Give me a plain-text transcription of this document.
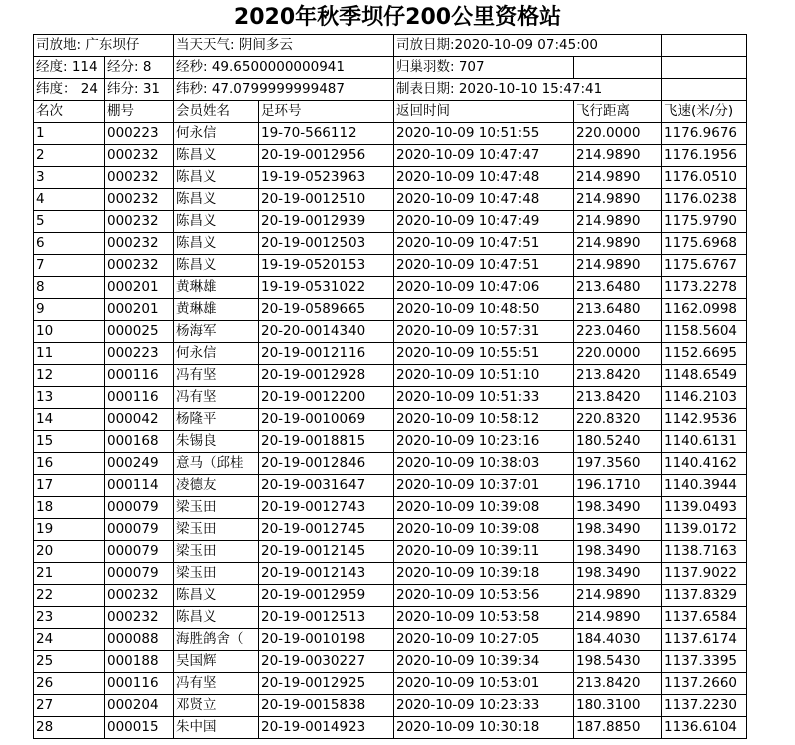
2020年秋季坝仔200公里资格站
司放地: 广东坝仔		当天天气: 阴间多云		司放日期:2020-10-09 07:45:00		
经度: 114	经分: 8	经秒: 49.6500000000941		归巢羽数: 707		
纬度： 24	纬分: 31	纬秒: 47.0799999999487		制表日期: 2020-10-10 15:47:41		
名次	棚号	会员姓名	足环号	返回时间	飞行距离	飞速(米/分)
1	000223	何永信	19-70-566112	2020-10-09 10:51:55	220.0000	1176.9676
2	000232	陈昌义	20-19-0012956	2020-10-09 10:47:47	214.9890	1176.1956
3	000232	陈昌义	19-19-0523963	2020-10-09 10:47:48	214.9890	1176.0510
4	000232	陈昌义	20-19-0012510	2020-10-09 10:47:48	214.9890	1176.0238
5	000232	陈昌义	20-19-0012939	2020-10-09 10:47:49	214.9890	1175.9790
6	000232	陈昌义	20-19-0012503	2020-10-09 10:47:51	214.9890	1175.6968
7	000232	陈昌义	19-19-0520153	2020-10-09 10:47:51	214.9890	1175.6767
8	000201	黄琳雄	19-19-0531022	2020-10-09 10:47:06	213.6480	1173.2278
9	000201	黄琳雄	20-19-0589665	2020-10-09 10:48:50	213.6480	1162.0998
10	000025	杨海军	20-20-0014340	2020-10-09 10:57:31	223.0460	1158.5604
11	000223	何永信	20-19-0012116	2020-10-09 10:55:51	220.0000	1152.6695
12	000116	冯有坚	20-19-0012928	2020-10-09 10:51:10	213.8420	1148.6549
13	000116	冯有坚	20-19-0012200	2020-10-09 10:51:33	213.8420	1146.2103
14	000042	杨隆平	20-19-0010069	2020-10-09 10:58:12	220.8320	1142.9536
15	000168	朱锡良	20-19-0018815	2020-10-09 10:23:16	180.5240	1140.6131
16	000249	意马（邱桂	20-19-0012846	2020-10-09 10:38:03	197.3560	1140.4162
17	000114	凌德友	20-19-0031647	2020-10-09 10:37:01	196.1710	1140.3944
18	000079	梁玉田	20-19-0012743	2020-10-09 10:39:08	198.3490	1139.0493
19	000079	梁玉田	20-19-0012745	2020-10-09 10:39:08	198.3490	1139.0172
20	000079	梁玉田	20-19-0012145	2020-10-09 10:39:11	198.3490	1138.7163
21	000079	梁玉田	20-19-0012143	2020-10-09 10:39:18	198.3490	1137.9022
22	000232	陈昌义	20-19-0012959	2020-10-09 10:53:56	214.9890	1137.8329
23	000232	陈昌义	20-19-0012513	2020-10-09 10:53:58	214.9890	1137.6584
24	000088	海胜鸽舍（	20-19-0010198	2020-10-09 10:27:05	184.4030	1137.6174
25	000188	吴国辉	20-19-0030227	2020-10-09 10:39:34	198.5430	1137.3395
26	000116	冯有坚	20-19-0012925	2020-10-09 10:53:01	213.8420	1137.2660
27	000204	邓贤立	20-19-0015838	2020-10-09 10:23:33	180.3100	1137.2230
28	000015	朱中国	20-19-0014923	2020-10-09 10:30:18	187.8850	1136.6104
